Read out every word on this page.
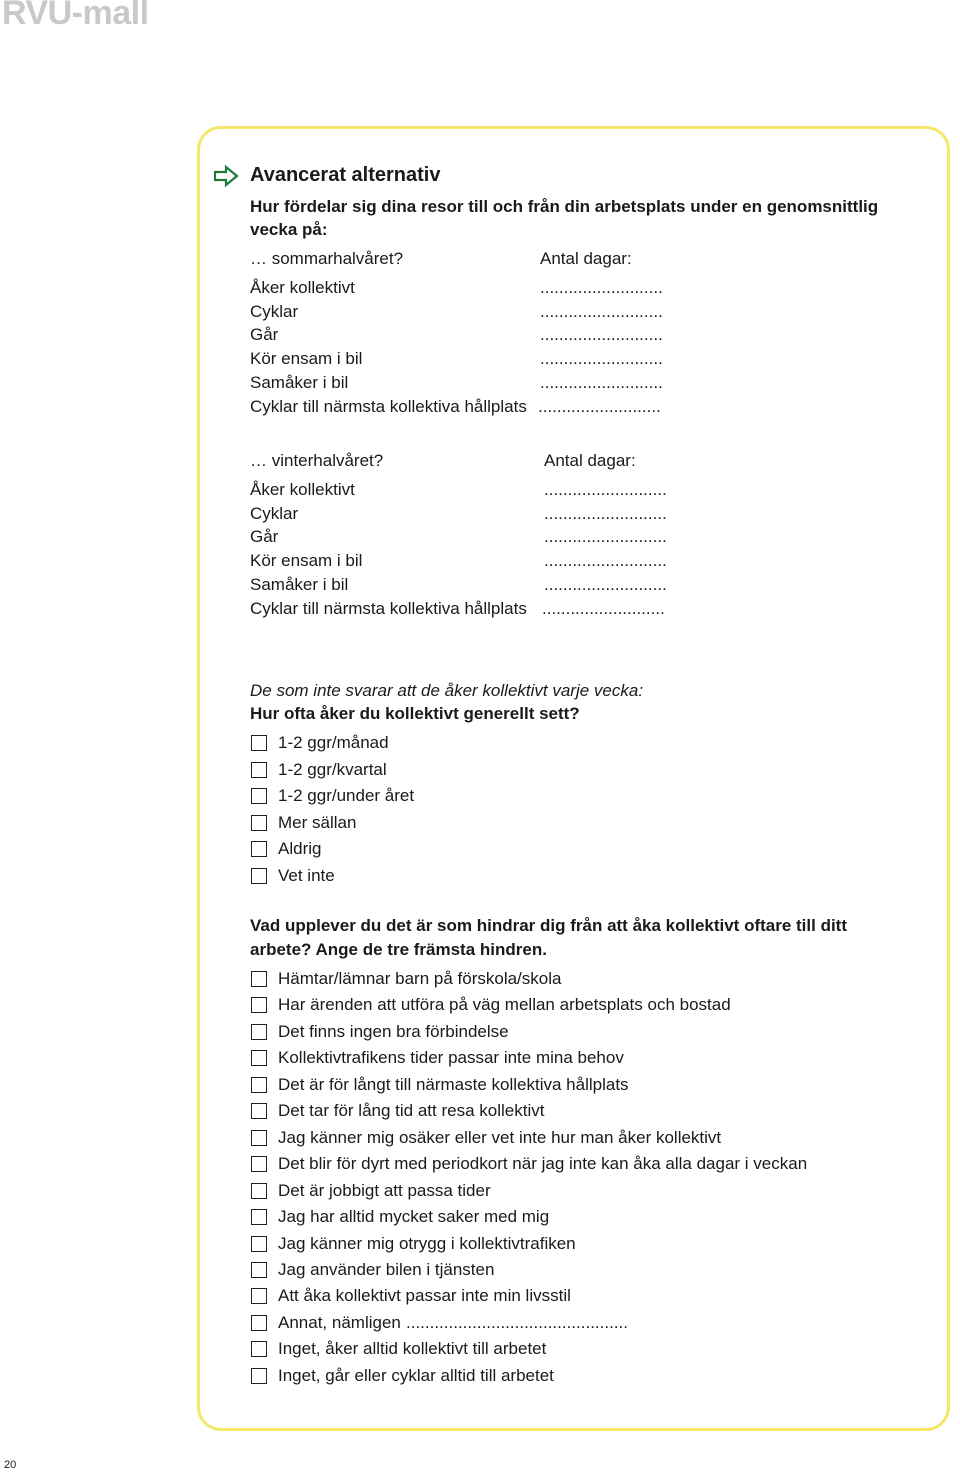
RVU-mall
Avancerat alternativ
Hur fördelar sig dina resor till och från din arbetsplats under en genomsnittlig
vecka på:
… sommarhalvåret?	Antal dagar:
Åker kollektivt	..........................
Cyklar	..........................
Går	..........................
Kör ensam i bil	..........................
Samåker i bil	..........................
Cyklar till närmsta kollektiva hållplats ..........................
… vinterhalvåret?	Antal dagar:
Åker kollektivt	..........................
Cyklar	..........................
Går	..........................
Kör ensam i bil	..........................
Samåker i bil	..........................
Cyklar till närmsta kollektiva hållplats ..........................
De som inte svarar att de åker kollektivt varje vecka:
Hur ofta åker du kollektivt generellt sett?
1-2 ggr/månad
1-2 ggr/kvartal
1-2 ggr/under året
Mer sällan
Aldrig
Vet inte
Vad upplever du det är som hindrar dig från att åka kollektivt oftare till ditt
arbete? Ange de tre främsta hindren.
Hämtar/lämnar barn på förskola/skola
Har ärenden att utföra på väg mellan arbetsplats och bostad
Det finns ingen bra förbindelse
Kollektivtrafikens tider passar inte mina behov
Det är för långt till närmaste kollektiva hållplats
Det tar för lång tid att resa kollektivt
Jag känner mig osäker eller vet inte hur man åker kollektivt
Det blir för dyrt med periodkort när jag inte kan åka alla dagar i veckan
Det är jobbigt att passa tider
Jag har alltid mycket saker med mig
Jag känner mig otrygg i kollektivtrafiken
Jag använder bilen i tjänsten
Att åka kollektivt passar inte min livsstil
Annat, nämligen
Inget, åker alltid kollektivt till arbetet
Inget, går eller cyklar alltid till arbetet
...............................................
20
